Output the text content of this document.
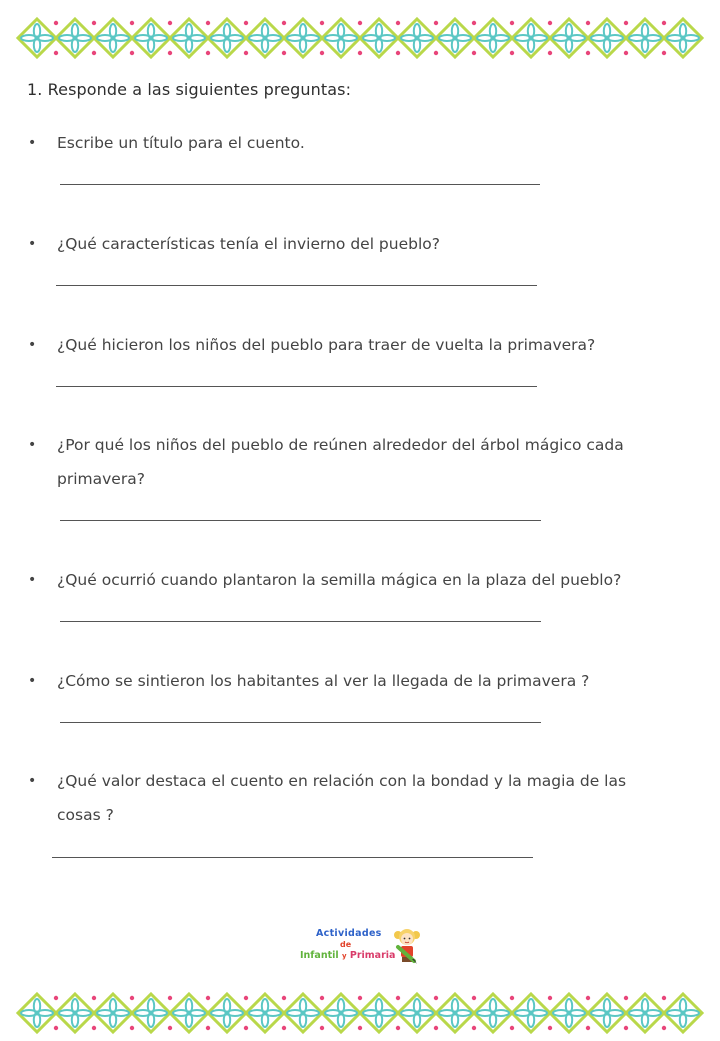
1. Responde a las siguientes preguntas:
•	Escribe un título para el cuento.
•	¿Qué características tenía el invierno del pueblo?
•	¿Qué hicieron los niños del pueblo para traer de vuelta la primavera?
•	¿Por qué los niños del pueblo de reúnen alrededor del árbol mágico cada primavera?
•	¿Qué ocurrió cuando plantaron la semilla mágica en la plaza del pueblo?
•	¿Cómo se sintieron los habitantes al ver la llegada de la primavera ?
•	¿Qué valor destaca el cuento en relación con la bondad y la magia de las cosas ?
Actividades
de
Infantil y Primaria
